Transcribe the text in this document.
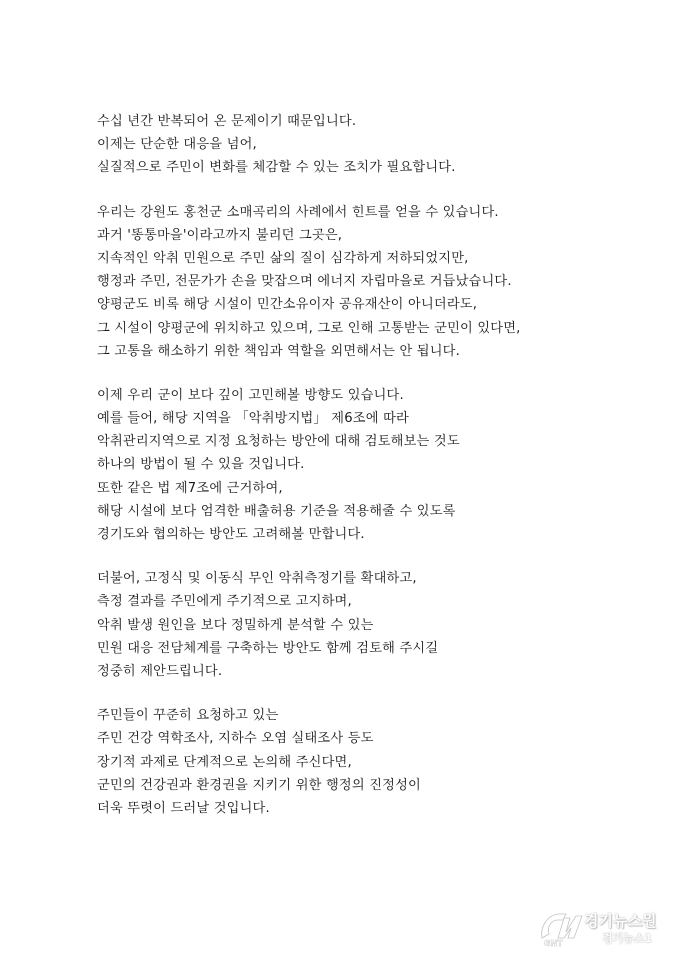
수십 년간 반복되어 온 문제이기 때문입니다.
이제는 단순한 대응을 넘어,
실질적으로 주민이 변화를 체감할 수 있는 조치가 필요합니다.
우리는 강원도 홍천군 소매곡리의 사례에서 힌트를 얻을 수 있습니다.
과거 '똥통마을'이라고까지 불리던 그곳은,
지속적인 악취 민원으로 주민 삶의 질이 심각하게 저하되었지만,
행정과 주민, 전문가가 손을 맞잡으며 에너지 자립마을로 거듭났습니다.
양평군도 비록 해당 시설이 민간소유이자 공유재산이 아니더라도,
그 시설이 양평군에 위치하고 있으며, 그로 인해 고통받는 군민이 있다면,
그 고통을 해소하기 위한 책임과 역할을 외면해서는 안 됩니다.
이제 우리 군이 보다 깊이 고민해볼 방향도 있습니다.
예를 들어, 해당 지역을 「악취방지법」 제6조에 따라
악취관리지역으로 지정 요청하는 방안에 대해 검토해보는 것도
하나의 방법이 될 수 있을 것입니다.
또한 같은 법 제7조에 근거하여,
해당 시설에 보다 엄격한 배출허용 기준을 적용해줄 수 있도록
경기도와 협의하는 방안도 고려해볼 만합니다.
더불어, 고정식 및 이동식 무인 악취측정기를 확대하고,
측정 결과를 주민에게 주기적으로 고지하며,
악취 발생 원인을 보다 정밀하게 분석할 수 있는
민원 대응 전담체계를 구축하는 방안도 함께 검토해 주시길
정중히 제안드립니다.
주민들이 꾸준히 요청하고 있는
주민 건강 역학조사, 지하수 오염 실태조사 등도
장기적 과제로 단계적으로 논의해 주신다면,
군민의 건강권과 환경권을 지키기 위한 행정의 진정성이
더욱 뚜렷이 드러날 것입니다.
GNT
경기뉴스원
경기뉴스1
